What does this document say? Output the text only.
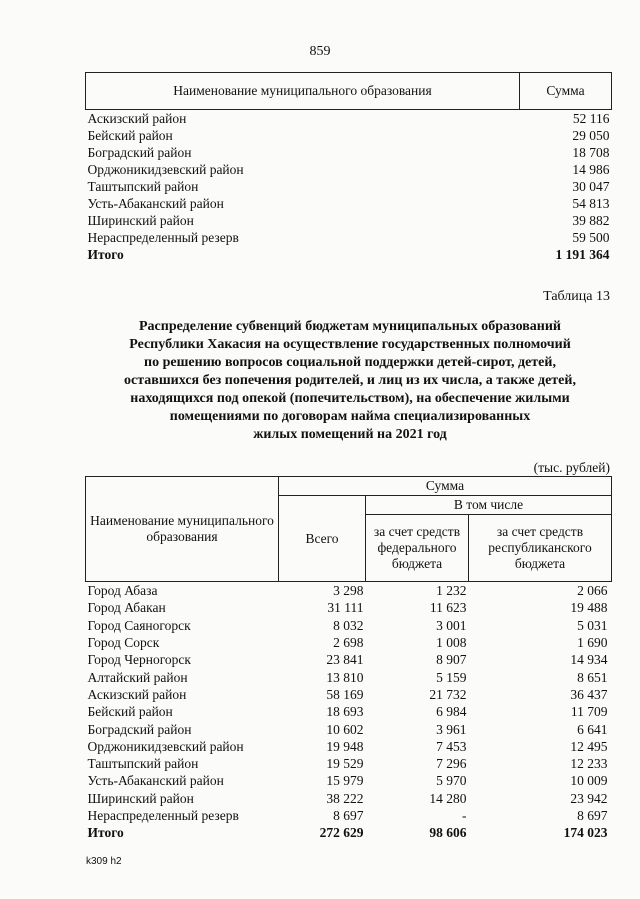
859
Наименование муниципального образования	Сумма
Аскизский район	52 116
Бейский район	29 050
Боградский район	18 708
Орджоникидзевский район	14 986
Таштыпский район	30 047
Усть-Абаканский район	54 813
Ширинский район	39 882
Нераспределенный резерв	59 500
Итого	1 191 364
Таблица 13
Распределение субвенций бюджетам муниципальных образований
Республики Хакасия на осуществление государственных полномочий
по решению вопросов социальной поддержки детей-сирот, детей,
оставшихся без попечения родителей, и лиц из их числа, а также детей,
находящихся под опекой (попечительством), на обеспечение жилыми
помещениями по договорам найма специализированных
жилых помещений на 2021 год
(тыс. рублей)
Наименование муниципального образования	Сумма		
	Всего	В том числе	
		за счет средств федерального бюджета	за счет средств республиканского бюджета
Город Абаза	3 298	1 232	2 066
Город Абакан	31 111	11 623	19 488
Город Саяногорск	8 032	3 001	5 031
Город Сорск	2 698	1 008	1 690
Город Черногорск	23 841	8 907	14 934
Алтайский район	13 810	5 159	8 651
Аскизский район	58 169	21 732	36 437
Бейский район	18 693	6 984	11 709
Боградский район	10 602	3 961	6 641
Орджоникидзевский район	19 948	7 453	12 495
Таштыпский район	19 529	7 296	12 233
Усть-Абаканский район	15 979	5 970	10 009
Ширинский район	38 222	14 280	23 942
Нераспределенный резерв	8 697	-	8 697
Итого	272 629	98 606	174 023
k309 h2
